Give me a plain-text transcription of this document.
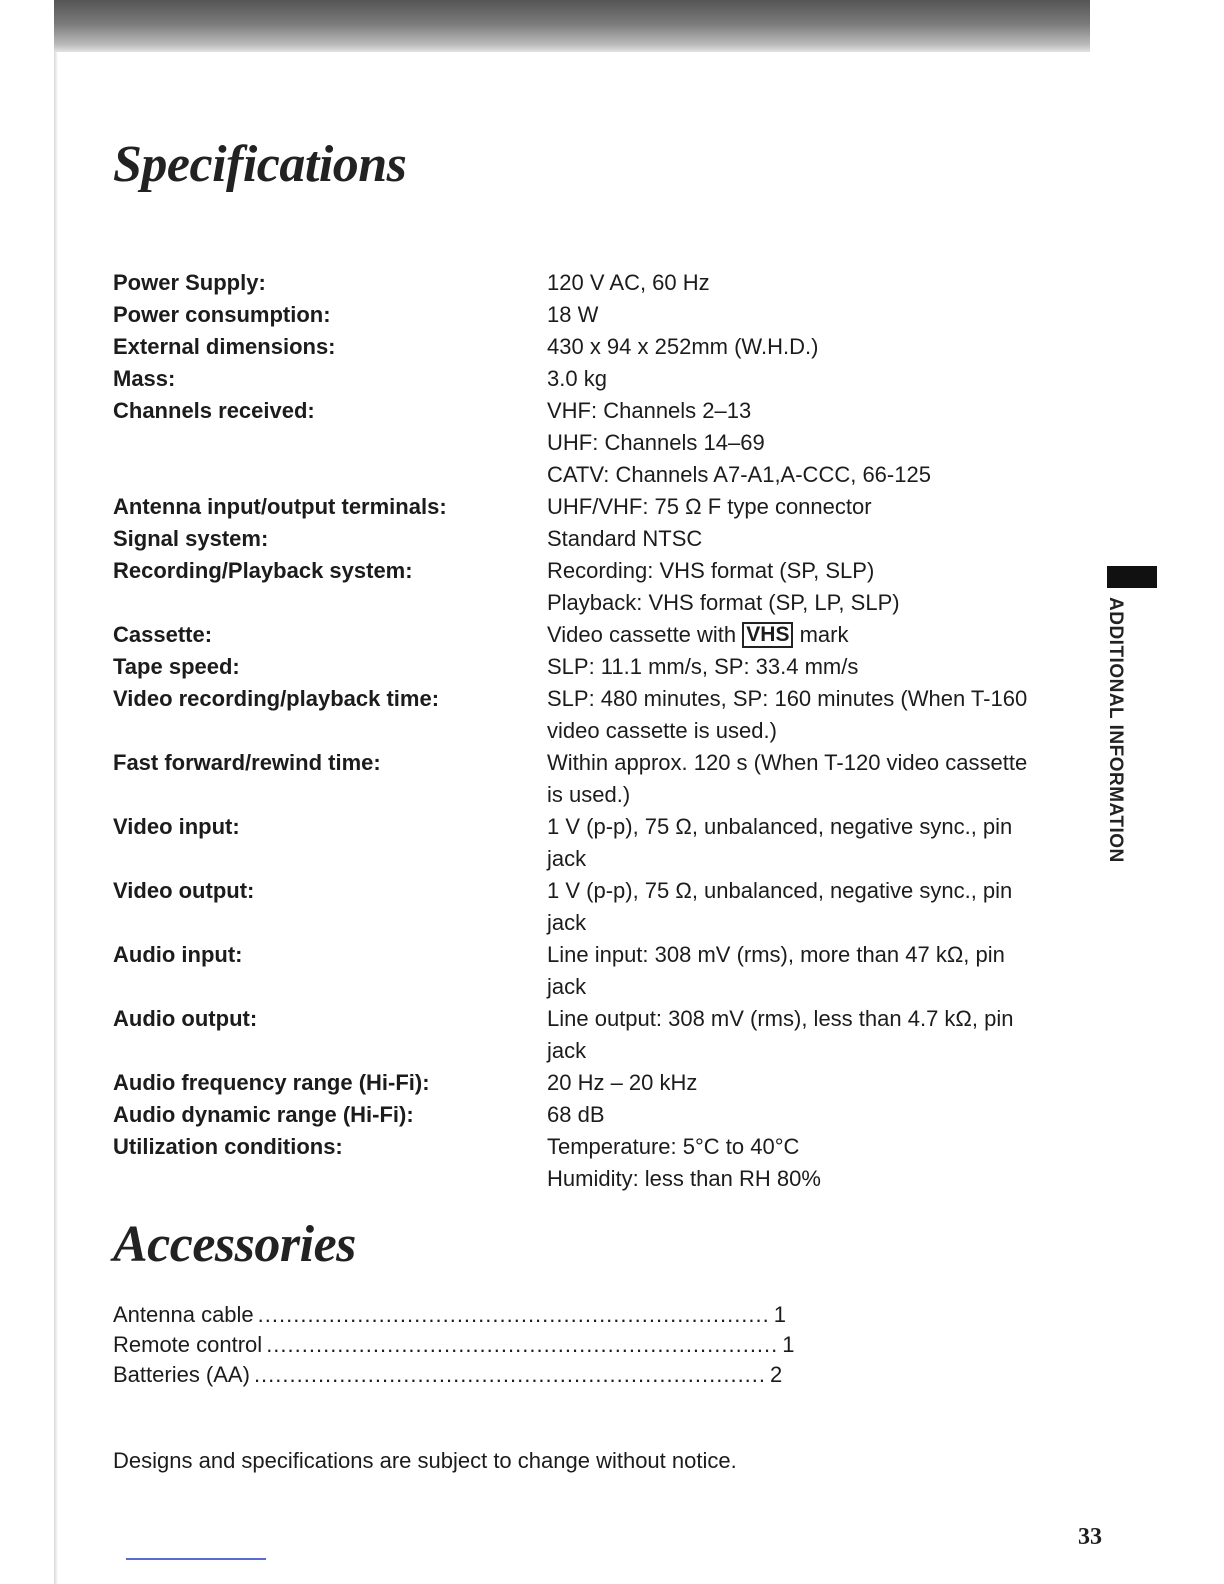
Specifications
Power Supply:	120 V AC, 60 Hz
Power consumption:	18 W
External dimensions:	430 x 94 x 252mm (W.H.D.)
Mass:	3.0 kg
Channels received:	VHF: Channels 2–13
UHF: Channels 14–69
CATV: Channels A7-A1,A-CCC, 66-125
Antenna input/output terminals:	UHF/VHF: 75 Ω F type connector
Signal system:	Standard NTSC
Recording/Playback system:	Recording: VHS format (SP, SLP)
Playback: VHS format (SP, LP, SLP)
Cassette:	Video cassette with VHS mark
Tape speed:	SLP: 11.1 mm/s, SP: 33.4 mm/s
Video recording/playback time:	SLP: 480 minutes, SP: 160 minutes (When T-160
video cassette is used.)
Fast forward/rewind time:	Within approx. 120 s (When T-120 video cassette
is used.)
Video input:	1 V (p-p), 75 Ω, unbalanced, negative sync., pin
jack
Video output:	1 V (p-p), 75 Ω, unbalanced, negative sync., pin
jack
Audio input:	Line input: 308 mV (rms), more than 47 kΩ, pin
jack
Audio output:	Line output: 308 mV (rms), less than 4.7 kΩ, pin
jack
Audio frequency range (Hi-Fi):	20 Hz – 20 kHz
Audio dynamic range (Hi-Fi):	68 dB
Utilization conditions:	Temperature: 5°C to 40°C
Humidity: less than RH 80%
Accessories
Antenna cable ........................................................................ 1
Remote control ........................................................................ 1
Batteries (AA) ........................................................................ 2
Designs and specifications are subject to change without notice.
ADDITIONAL INFORMATION
33
